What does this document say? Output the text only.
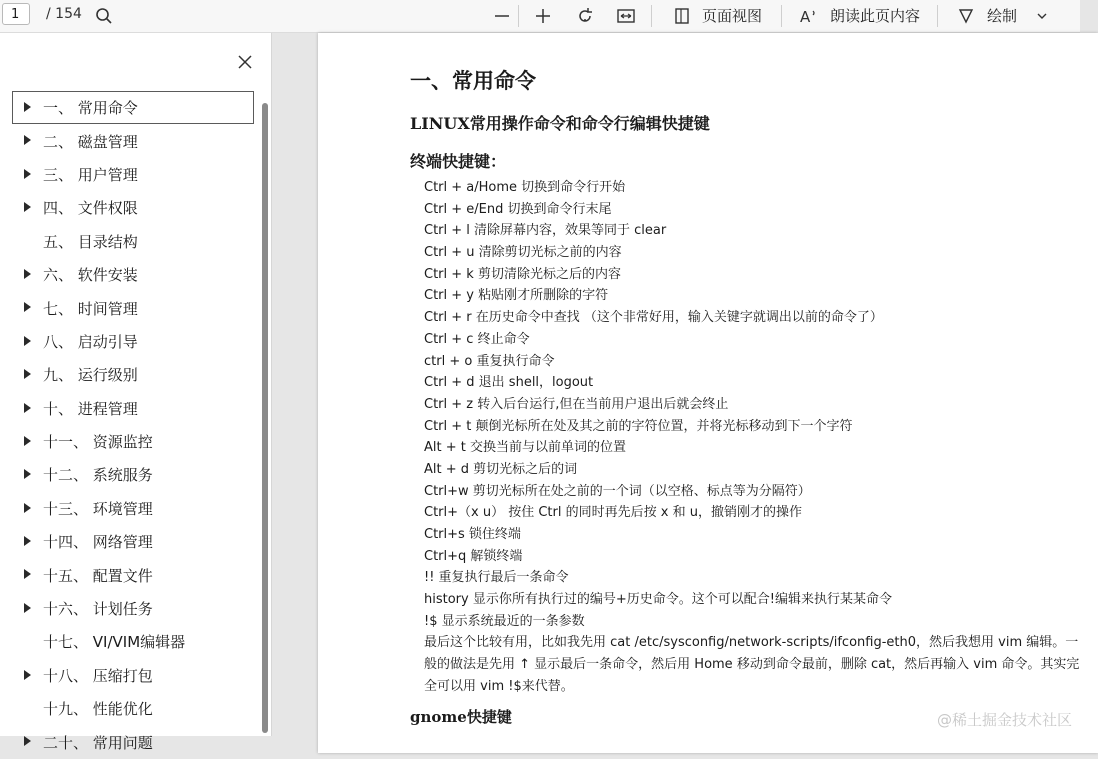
1	/ 154	页面视图	A 朗读此页内容	绘制
一、 常用命令
二、 磁盘管理
三、 用户管理
四、 文件权限
五、 目录结构
六、 软件安装
七、 时间管理
八、 启动引导
九、 运行级别
十、 进程管理
十一、 资源监控
十二、 系统服务
十三、 环境管理
十四、 网络管理
十五、 配置文件
十六、 计划任务
十七、 VI/VIM编辑器
十八、 压缩打包
十九、 性能优化
二十、 常用问题
一、常用命令
LINUX常用操作命令和命令行编辑快捷键
终端快捷键：
Ctrl + a/Home 切换到命令行开始
Ctrl + e/End 切换到命令行末尾
Ctrl + l 清除屏幕内容，效果等同于 clear
Ctrl + u 清除剪切光标之前的内容
Ctrl + k 剪切清除光标之后的内容
Ctrl + y 粘贴刚才所删除的字符
Ctrl + r 在历史命令中查找 （这个非常好用，输入关键字就调出以前的命令了）
Ctrl + c 终止命令
ctrl + o 重复执行命令
Ctrl + d 退出 shell，logout
Ctrl + z 转入后台运行,但在当前用户退出后就会终止
Ctrl + t 颠倒光标所在处及其之前的字符位置，并将光标移动到下一个字符
Alt + t 交换当前与以前单词的位置
Alt + d 剪切光标之后的词
Ctrl+w 剪切光标所在处之前的一个词（以空格、标点等为分隔符）
Ctrl+（x u） 按住 Ctrl 的同时再先后按 x 和 u，撤销刚才的操作
Ctrl+s 锁住终端
Ctrl+q 解锁终端
!! 重复执行最后一条命令
history 显示你所有执行过的编号+历史命令。这个可以配合!编辑来执行某某命令
!$ 显示系统最近的一条参数
最后这个比较有用，比如我先用 cat /etc/sysconfig/network-scripts/ifconfig-eth0，然后我想用 vim 编辑。一般的做法是先用 ↑ 显示最后一条命令，然后用 Home 移动到命令最前，删除 cat，然后再输入 vim 命令。其实完全可以用 vim !$来代替。
gnome快捷键	@稀土掘金技术社区
